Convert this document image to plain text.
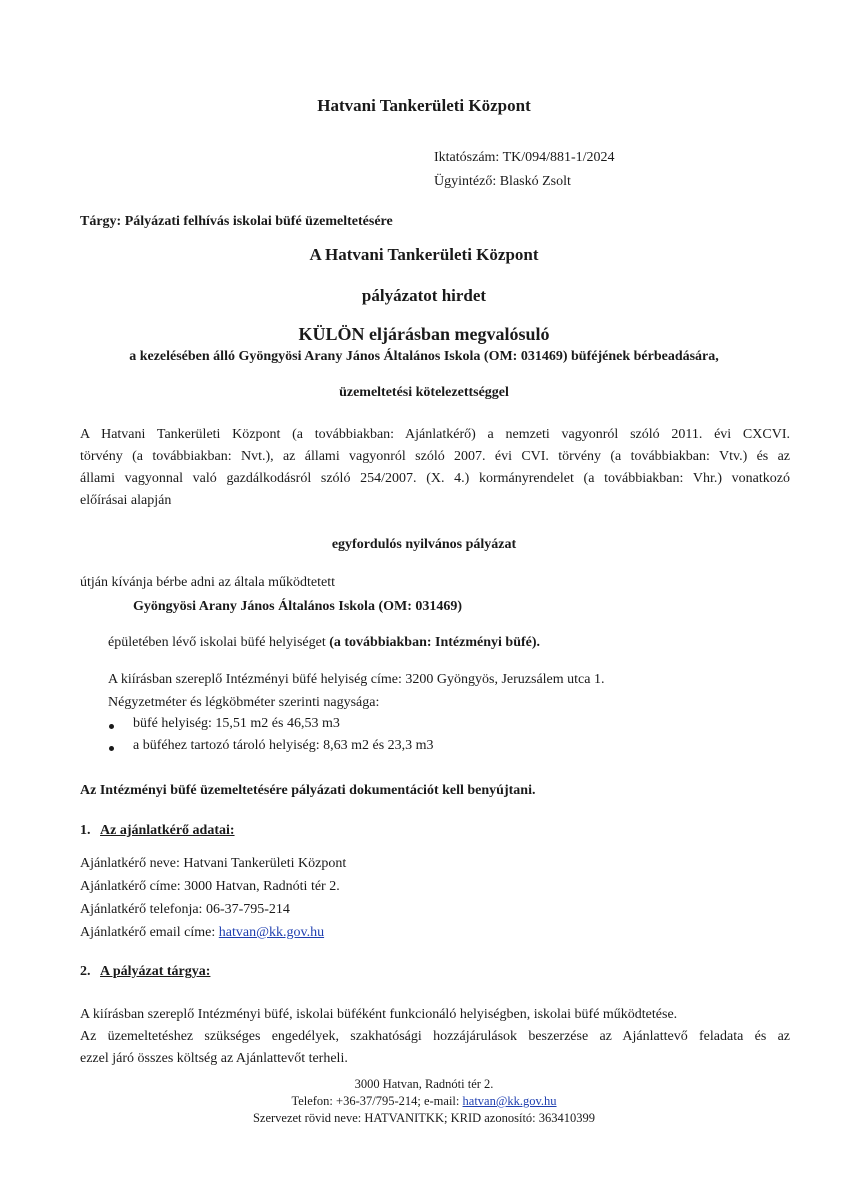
Hatvani Tankerületi Központ
Iktatószám: TK/094/881-1/2024
Ügyintéző: Blaskó Zsolt
Tárgy: Pályázati felhívás iskolai büfé üzemeltetésére
A Hatvani Tankerületi Központ
pályázatot hirdet
KÜLÖN eljárásban megvalósuló
a kezelésében álló Gyöngyösi Arany János Általános Iskola (OM: 031469) büféjének bérbeadására,
üzemeltetési kötelezettséggel
A Hatvani Tankerületi Központ (a továbbiakban: Ajánlatkérő) a nemzeti vagyonról szóló 2011. évi CXCVI.
törvény (a továbbiakban: Nvt.), az állami vagyonról szóló 2007. évi CVI. törvény (a továbbiakban: Vtv.) és az
állami vagyonnal való gazdálkodásról szóló 254/2007. (X. 4.) kormányrendelet (a továbbiakban: Vhr.) vonatkozó
előírásai alapján
egyfordulós nyilvános pályázat
útján kívánja bérbe adni az általa működtetett
Gyöngyösi Arany János Általános Iskola (OM: 031469)
épületében lévő iskolai büfé helyiséget (a továbbiakban: Intézményi büfé).
A kiírásban szereplő Intézményi büfé helyiség címe: 3200 Gyöngyös, Jeruzsálem utca 1.
Négyzetméter és légköbméter szerinti nagysága:
büfé helyiség: 15,51 m2 és 46,53 m3
a büféhez tartozó tároló helyiség: 8,63 m2 és 23,3 m3
Az Intézményi büfé üzemeltetésére pályázati dokumentációt kell benyújtani.
1. Az ajánlatkérő adatai:
Ajánlatkérő neve: Hatvani Tankerületi Központ
Ajánlatkérő címe: 3000 Hatvan, Radnóti tér 2.
Ajánlatkérő telefonja: 06-37-795-214
Ajánlatkérő email címe: hatvan@kk.gov.hu
2. A pályázat tárgya:
A kiírásban szereplő Intézményi büfé, iskolai büféként funkcionáló helyiségben, iskolai büfé működtetése.
Az üzemeltetéshez szükséges engedélyek, szakhatósági hozzájárulások beszerzése az Ajánlattevő feladata és az
ezzel járó összes költség az Ajánlattevőt terheli.
3000 Hatvan, Radnóti tér 2.
Telefon: +36-37/795-214; e-mail: hatvan@kk.gov.hu
Szervezet rövid neve: HATVANITKK; KRID azonosító: 363410399
